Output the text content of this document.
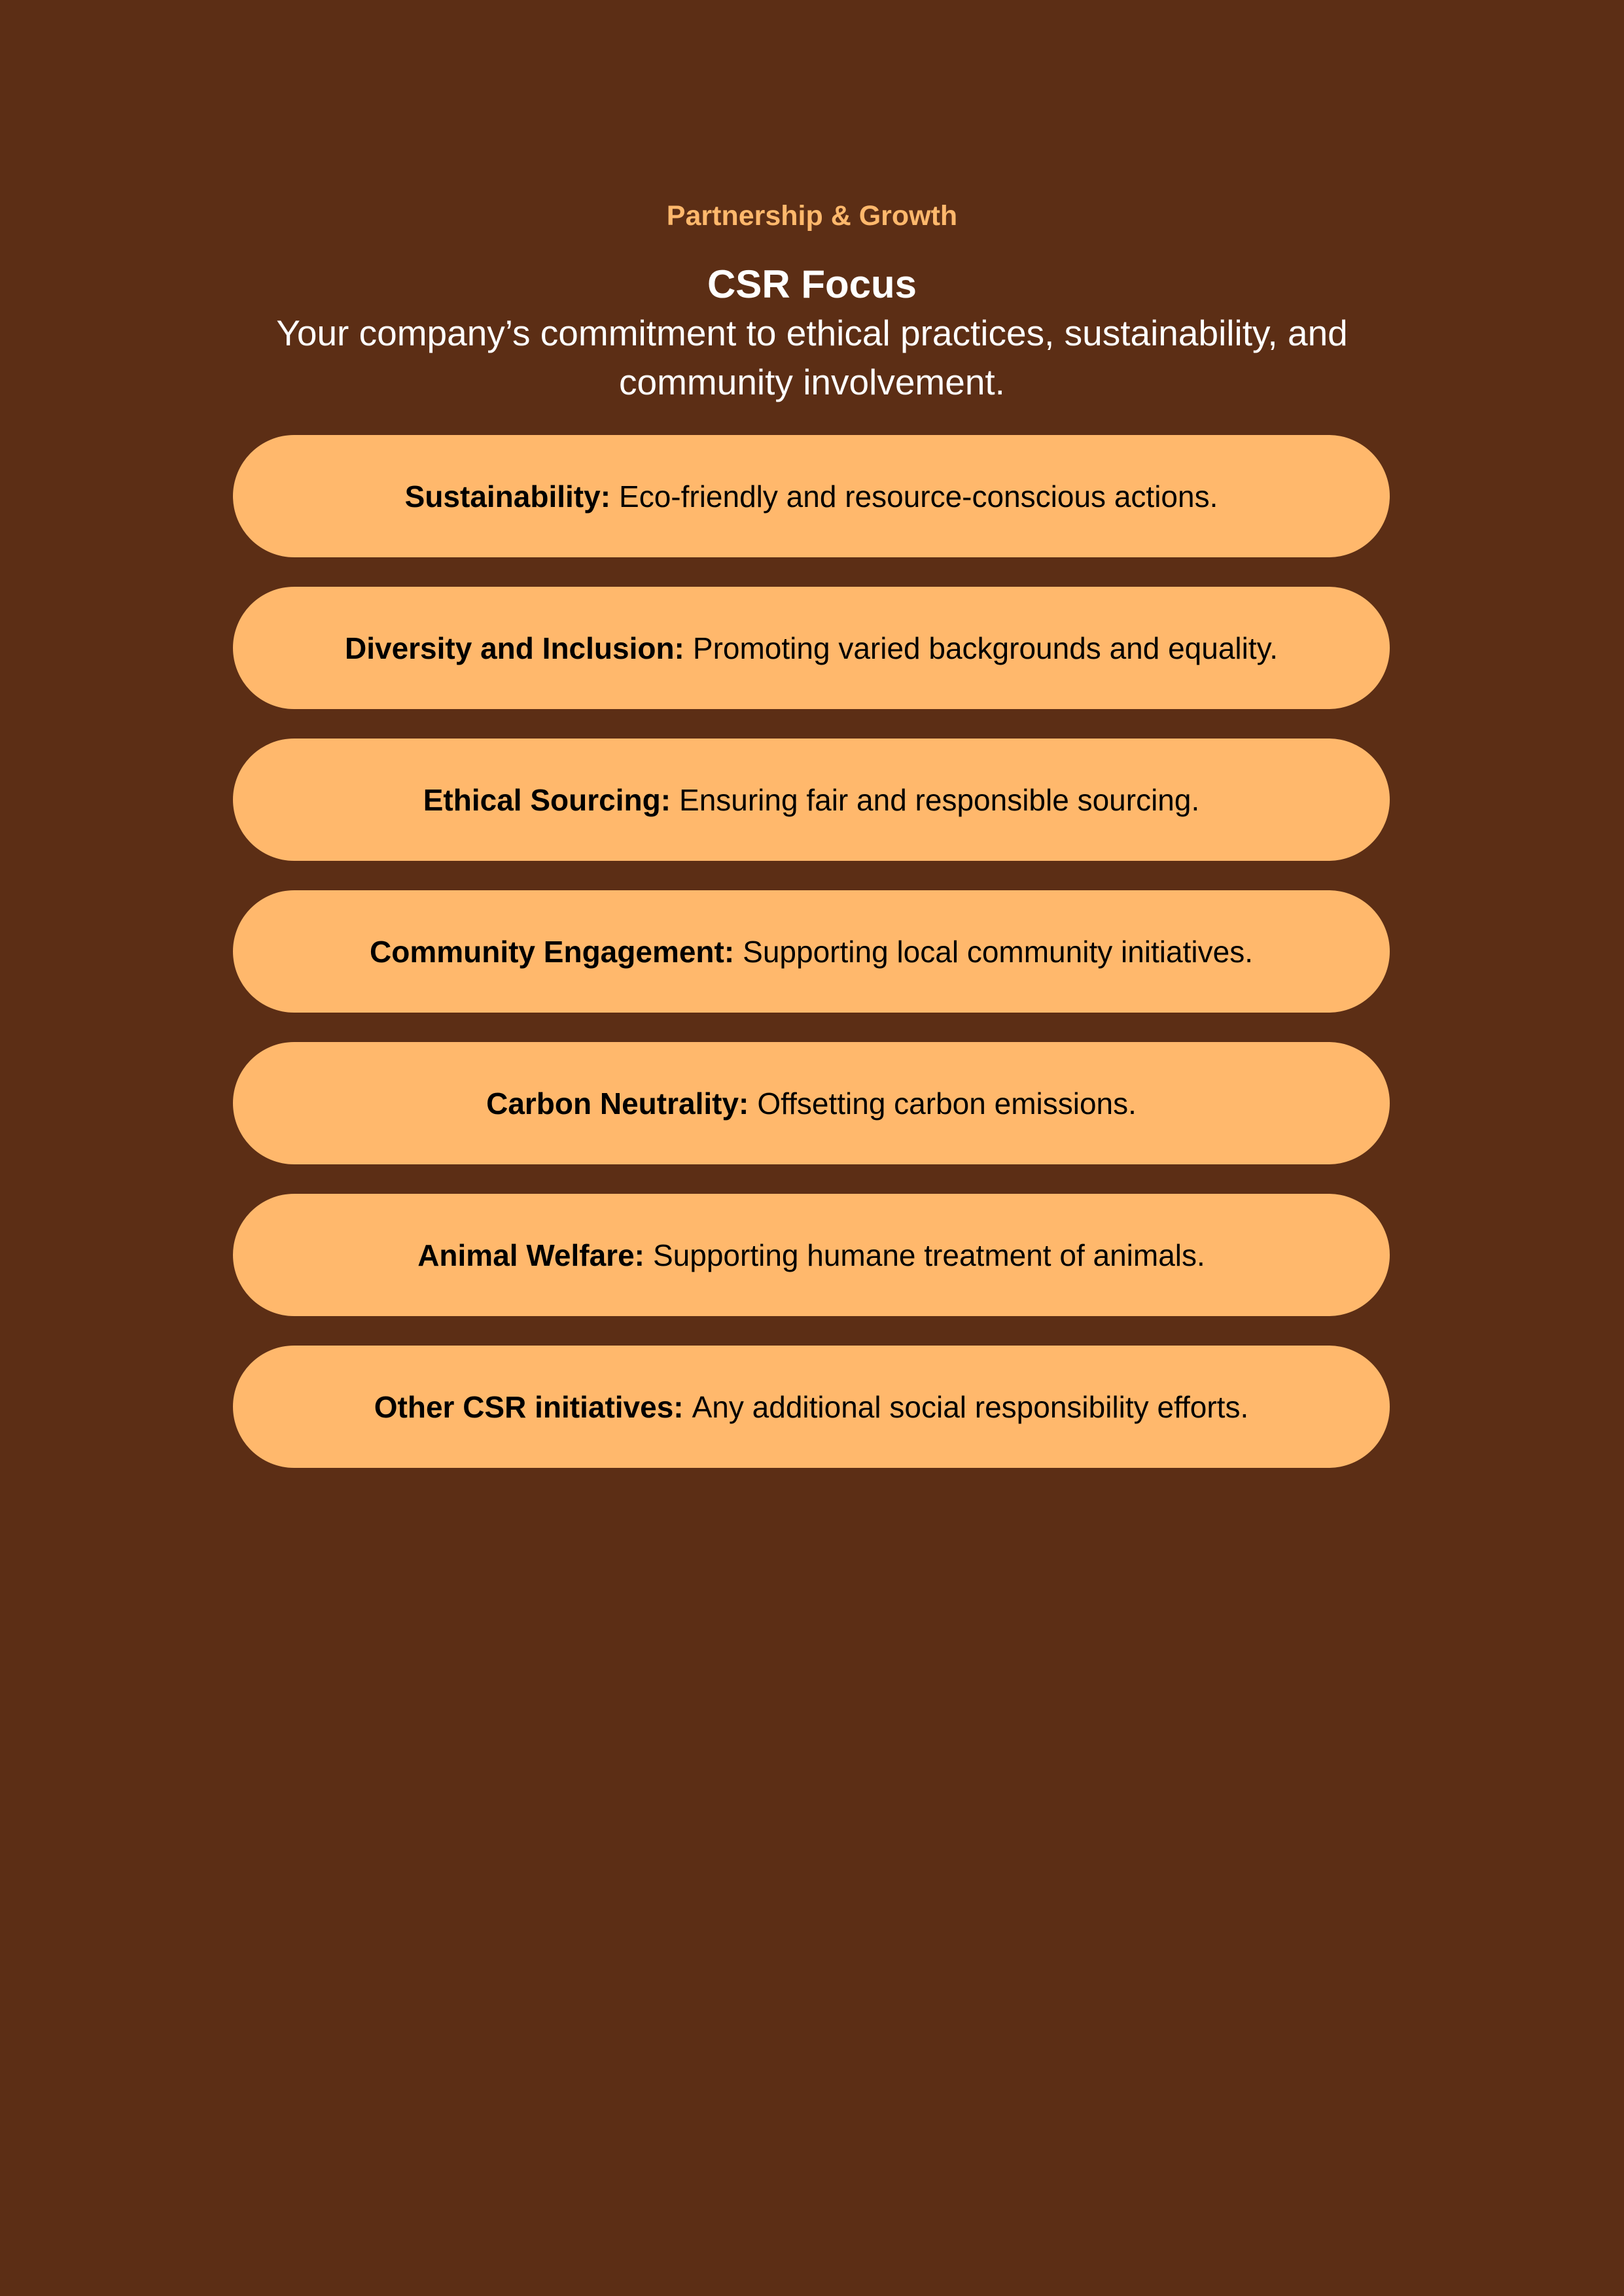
Partnership & Growth
CSR Focus
Your company’s commitment to ethical practices, sustainability, and community involvement.
Sustainability: Eco-friendly and resource-conscious actions.
Diversity and Inclusion: Promoting varied backgrounds and equality.
Ethical Sourcing: Ensuring fair and responsible sourcing.
Community Engagement: Supporting local community initiatives.
Carbon Neutrality: Offsetting carbon emissions.
Animal Welfare: Supporting humane treatment of animals.
Other CSR initiatives: Any additional social responsibility efforts.
